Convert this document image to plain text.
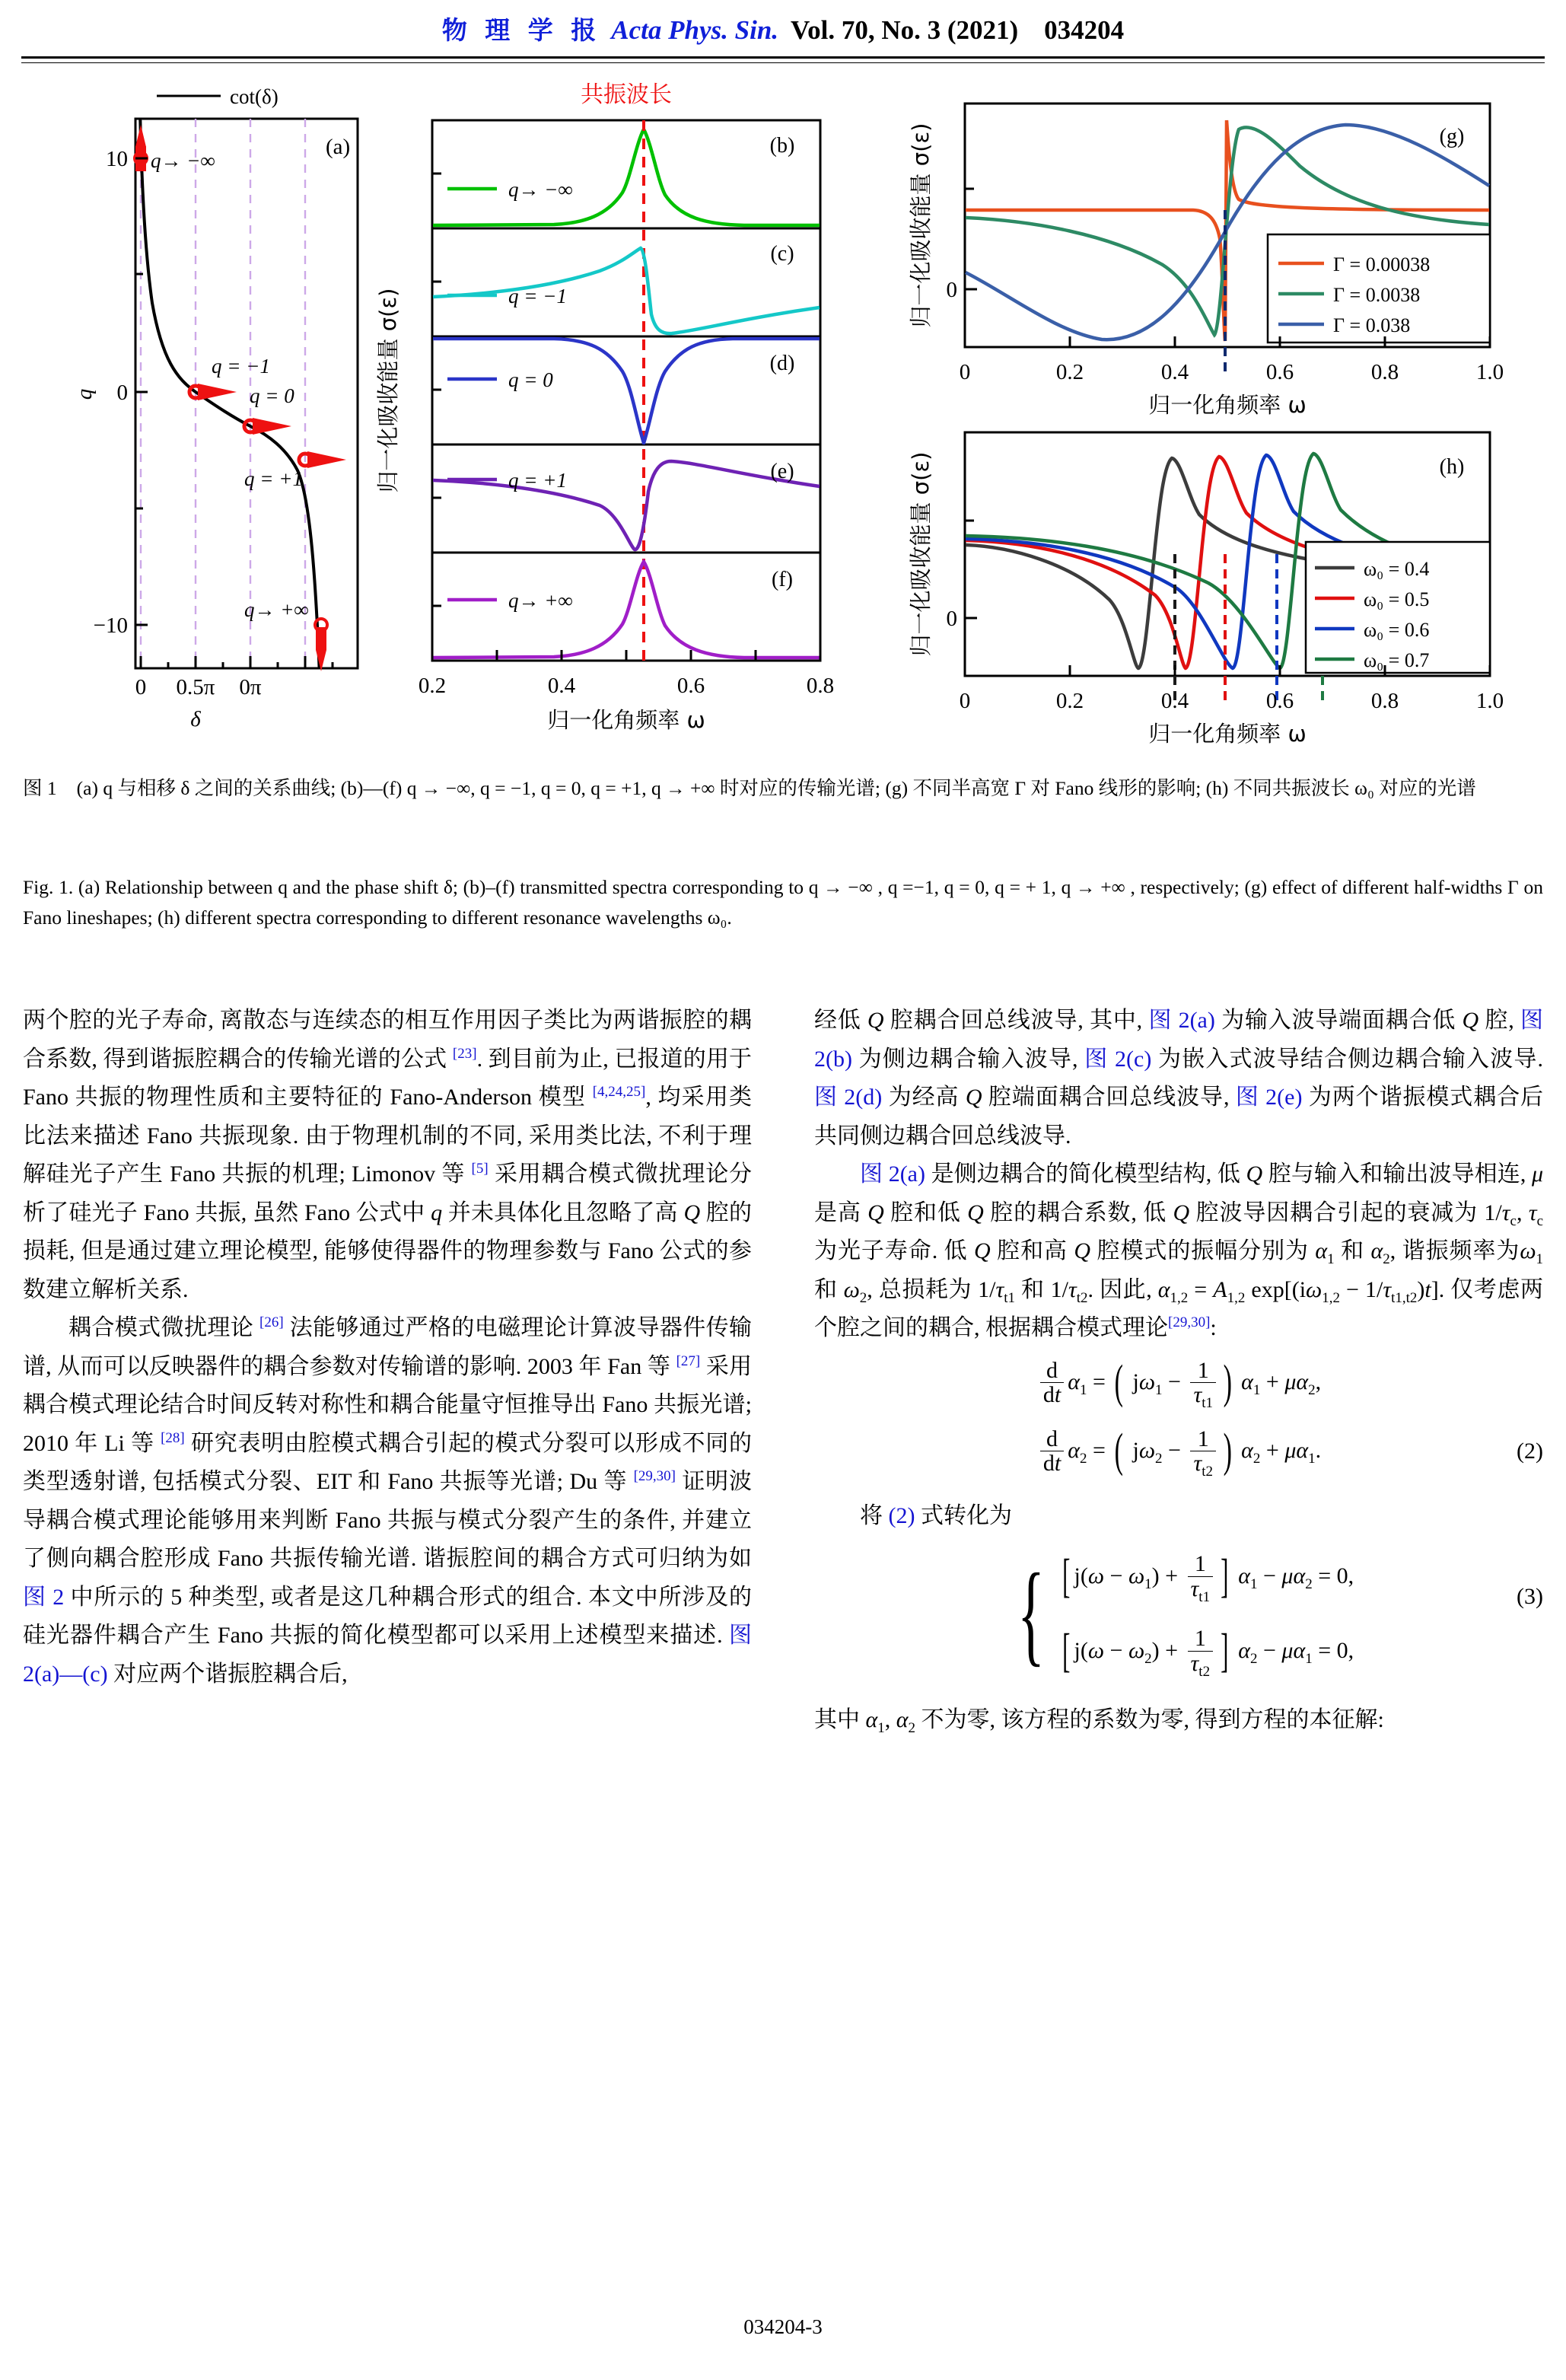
物 理 学 报 Acta Phys. Sin. Vol. 70, No. 3 (2021) 034204
cot(δ)
q→ −∞
q = −1
q = 0
q = +1
q→ +∞
(a)
10
0
−10
0 0.5π 0π
δ
q
共振波长
q→ −∞
(b)
q = −1
(c)
q = 0
(d)
q = +1	(e)
q→ +∞
(f)
0.2	0.4	0.6	0.8
归一化角频率 ω
归一化吸收能量 σ(ε)
(g)
Γ = 0.00038
Γ = 0.0038
Γ = 0.038
0
0	0.2	0.4	0.6	0.8	1.0
归一化角频率 ω
归一化吸收能量 σ(ε)
(h)
ω₀ = 0.4
ω₀ = 0.5
ω₀ = 0.6
ω₀ = 0.7
0
0	0.2	0.4	0.6	0.8	1.0
归一化角频率 ω
归一化吸收能量 σ(ε)
图 1 (a) q 与相移 δ 之间的关系曲线; (b)—(f) q → −∞, q = −1, q = 0, q = +1, q → +∞ 时对应的传输光谱; (g) 不同半高宽 Γ 对 Fano 线形的影响; (h) 不同共振波长 ω₀ 对应的光谱
Fig. 1. (a) Relationship between q and the phase shift δ; (b)–(f) transmitted spectra corresponding to q → −∞ , q =−1, q = 0, q = + 1, q → +∞ , respectively; (g) effect of different half-widths Γ on Fano lineshapes; (h) different spectra corresponding to different resonance wavelengths ω₀.

两个腔的光子寿命, 离散态与连续态的相互作用因子类比为两谐振腔的耦合系数, 得到谐振腔耦合的传输光谱的公式 [23]. 到目前为止, 已报道的用于 Fano 共振的物理性质和主要特征的 Fano-Anderson 模型 [4,24,25], 均采用类比法来描述 Fano 共振现象. 由于物理机制的不同, 采用类比法, 不利于理解硅光子产生 Fano 共振的机理; Limonov 等 [5] 采用耦合模式微扰理论分析了硅光子 Fano 共振, 虽然 Fano 公式中 q 并未具体化且忽略了高 Q 腔的损耗, 但是通过建立理论模型, 能够使得器件的物理参数与 Fano 公式的参数建立解析关系.

耦合模式微扰理论 [26] 法能够通过严格的电磁理论计算波导器件传输谱, 从而可以反映器件的耦合参数对传输谱的影响. 2003 年 Fan 等 [27] 采用耦合模式理论结合时间反转对称性和耦合能量守恒推导出 Fano 共振光谱; 2010 年 Li 等 [28] 研究表明由腔模式耦合引起的模式分裂可以形成不同的类型透射谱, 包括模式分裂、EIT 和 Fano 共振等光谱; Du 等 [29,30] 证明波导耦合模式理论能够用来判断 Fano 共振与模式分裂产生的条件, 并建立了侧向耦合腔形成 Fano 共振传输光谱. 谐振腔间的耦合方式可归纳为如图 2 中所示的 5 种类型, 或者是这几种耦合形式的组合. 本文中所涉及的硅光器件耦合产生 Fano 共振的简化模型都可以采用上述模型来描述. 图 2(a)—(c) 对应两个谐振腔耦合后,

经低 Q 腔耦合回总线波导, 其中, 图 2(a) 为输入波导端面耦合低 Q 腔, 图 2(b) 为侧边耦合输入波导, 图 2(c) 为嵌入式波导结合侧边耦合输入波导. 图 2(d) 为经高 Q 腔端面耦合回总线波导, 图 2(e) 为两个谐振模式耦合后共同侧边耦合回总线波导.

图 2(a) 是侧边耦合的简化模型结构, 低 Q 腔与输入和输出波导相连, μ是高 Q 腔和低 Q 腔的耦合系数, 低 Q 腔波导因耦合引起的衰减为 $1/\tau_c$, $\tau_c$ 为光子寿命. 低 Q 腔和高 Q 腔模式的振幅分别为 $\alpha_1$ 和 $\alpha_2$, 谐振频率为$\omega_1$ 和 $\omega_2$, 总损耗为 $1/\tau_{t1}$ 和 $1/\tau_{t2}$. 因此, $\alpha_{1,2} = A_{1,2}$ $\exp[(i\omega_{1,2} - 1/\tau_{t1,t2})t]$. 仅考虑两个腔之间的耦合, 根据耦合模式理论[29,30]:

$\frac{d}{dt} \alpha_1$ = ( $j\omega_1 - \frac{1}{\tau_{t1}}$ ) $\alpha_1 + \mu\alpha_2$,
$\frac{d}{dt} \alpha_2$ = ( $j\omega_2 - \frac{1}{\tau_{t2}}$ ) $\alpha_2 + \mu\alpha_1$.	(2)

将 (2) 式转化为

{ [ $j(\omega - \omega_1) + \frac{1}{\tau_{t1}}$ ] $\alpha_1 - \mu\alpha_2 = 0$,
[ $j(\omega - \omega_2) + \frac{1}{\tau_{t2}}$ ] $\alpha_2 - \mu\alpha_1 = 0$,
(3)

其中 $\alpha_1$, $\alpha_2$ 不为零, 该方程的系数为零, 得到方程的本征解:

034204-3
